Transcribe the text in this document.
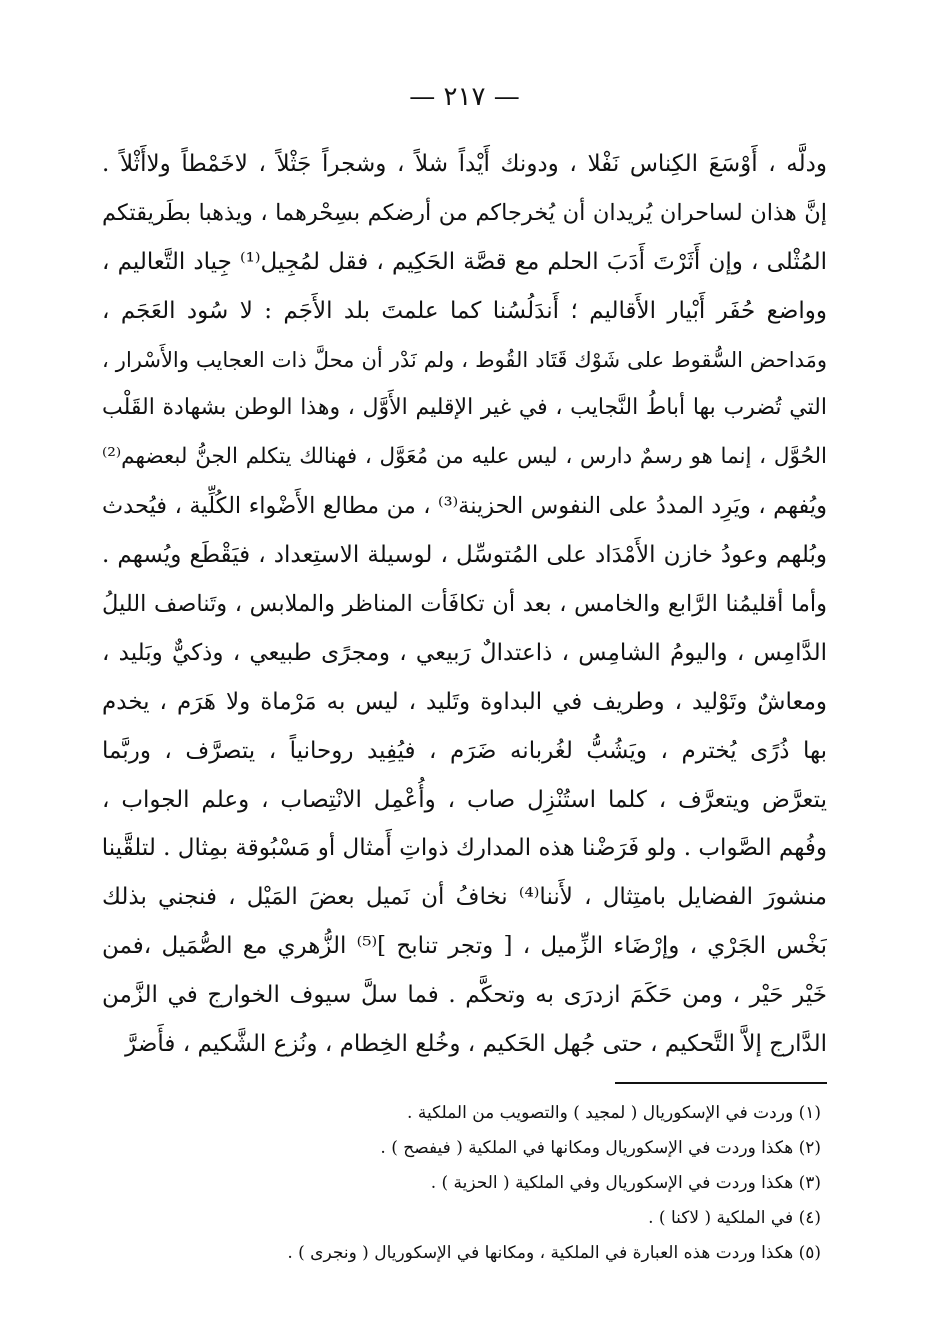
— ٢١٧ —
ودلَّه ، أَوْسَعَ الكِناس نَفْلا ، ودونك أَيْداً شلاً ، وشجراً جَثْلاً ، لاخَمْطاً ولاأَثْلاً .
إنَّ هذان لساحران يُريدان أن يُخرجاكم من أرضكم بسِحْرهما ، ويذهبا بطَريقتكم
المُثْلى ، وإن أَثَرْتَ أَدَبَ الحلم مع قصَّة الحَكِيم ، فقل لمُجِيل⁽¹⁾ جِياد التَّعاليم ،
وواضع حُفَر أَبْيار الأَقاليم ؛ أَندَلُسُنا كما علمتَ بلد الأَجَم : لا سُود العَجَم ،
ومَداحض السُّقوط على شَوْك قَتَاد القُوط ، ولم نَدْر أن محلَّ ذات العجايب والأَسْرار ،
التي تُضرب بها أباطُ النَّجايب ، في غير الإقليم الأَوَّل ، وهذا الوطن بشهادة القَلْب
الحُوَّل ، إنما هو رسمٌ دارس ، ليس عليه من مُعَوَّل ، فهنالك يتكلم الجنُّ لبعضهم⁽²⁾
ويُفهم ، ويَرِد المددُ على النفوس الحزينة⁽³⁾ ، من مطالع الأَضْواء الكُلِّية ، فيُحدث
وبُلهم وعودُ خازن الأَمْدَاد على المُتوسِّل ، لوسيلة الاستِعداد ، فيَقْطَع ويُسهم .
وأما أقليمُنا الرَّابع والخامس ، بعد أن تكافَأت المناظر والملابس ، وتَناصف الليلُ
الدَّامِس ، واليومُ الشامِس ، ذاعتدالٌ رَبيعي ، ومجرًى طبيعي ، وذكيٌّ وبَليد ،
ومعاشٌ وتَوْليد ، وطريف في البداوة وتَليد ، ليس به مَرْماة ولا هَرَم ، يخدم
بها ذُرًى يُخترم ، ويَشُبُّ لغُربانه ضَرَم ، فيُفِيد روحانياً ، يتصرَّف ، وربَّما
يتعرَّض ويتعرَّف ، كلما استُنْزِل صاب ، وأُعْمِل الانْتِصاب ، وعلم الجواب ،
وفُهم الصَّواب . ولو فَرَضْنا هذه المدارك ذواتِ أَمثال أو مَسْبُوقة بمِثال . لتلقَّينا
منشورَ الفضايل بامتِثال ، لأَننا⁽⁴⁾ نخافُ أن نَميل بعضَ المَيْل ، فنجني بذلك
بَخْس الجَرْي ، وإرْضَاء الزِّميل ، [ وتجر تنابح ]⁽⁵⁾ الزُّهري مع الصُّمَيل ،فمن
خَيْر حَيْر ، ومن حَكَمَ ازدرَى به وتحكَّم . فما سلَّ سيوف الخوارج في الزَّمن
الدَّارج إلاَّ التَّحكيم ، حتى جُهل الحَكيم ، وخُلع الخِطام ، ونُزع الشَّكيم ، فأَضرَّ
(١) وردت في الإسكوريال ( لمجيد ) والتصويب من الملكية .
(٢) هكذا وردت في الإسكوريال ومكانها في الملكية ( فيفصح ) .
(٣) هكذا وردت في الإسكوريال وفي الملكية ( الحزية ) .
(٤) في الملكية ( لاكنا ) .
(٥) هكذا وردت هذه العبارة في الملكية ، ومكانها في الإسكوريال ( ونجرى ) .
